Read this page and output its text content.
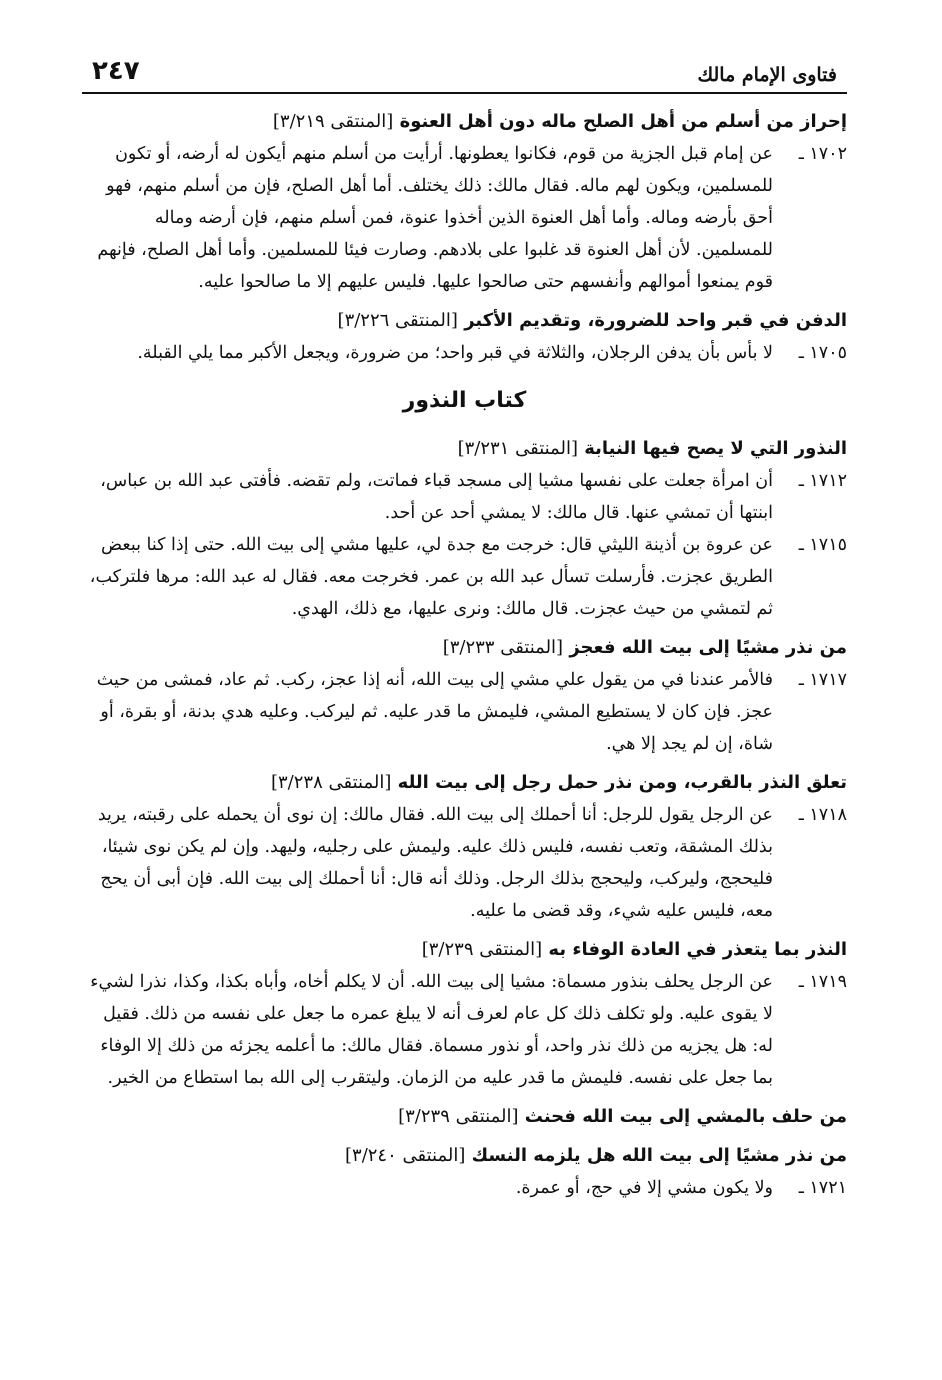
فتاوى الإمام مالك
٢٤٧
إحراز من أسلم من أهل الصلح ماله دون أهل العنوة [المنتقى ٣/٢١٩]
١٧٠٢ ـ
عن إمام قبل الجزية من قوم، فكانوا يعطونها. أرأيت من أسلم منهم أيكون له أرضه، أو تكون للمسلمين، ويكون لهم ماله. فقال مالك: ذلك يختلف. أما أهل الصلح، فإن من أسلم منهم، فهو أحق بأرضه وماله. وأما أهل العنوة الذين أخذوا عنوة، فمن أسلم منهم، فإن أرضه وماله للمسلمين. لأن أهل العنوة قد غلبوا على بلادهم. وصارت فيئا للمسلمين. وأما أهل الصلح، فإنهم قوم يمنعوا أموالهم وأنفسهم حتى صالحوا عليها. فليس عليهم إلا ما صالحوا عليه.
الدفن في قبر واحد للضرورة، وتقديم الأكبر [المنتقى ٣/٢٢٦]
١٧٠٥ ـ
لا بأس بأن يدفن الرجلان، والثلاثة في قبر واحد؛ من ضرورة، ويجعل الأكبر مما يلي القبلة.
كتاب النذور
النذور التي لا يصح فيها النيابة [المنتقى ٣/٢٣١]
١٧١٢ ـ
أن امرأة جعلت على نفسها مشيا إلى مسجد قباء فماتت، ولم تقضه. فأفتى عبد الله بن عباس، ابنتها أن تمشي عنها. قال مالك: لا يمشي أحد عن أحد.
١٧١٥ ـ
عن عروة بن أذينة الليثي قال: خرجت مع جدة لي، عليها مشي إلى بيت الله. حتى إذا كنا ببعض الطريق عجزت. فأرسلت تسأل عبد الله بن عمر. فخرجت معه. فقال له عبد الله: مرها فلتركب، ثم لتمشي من حيث عجزت. قال مالك: ونرى عليها، مع ذلك، الهدي.
من نذر مشيًا إلى بيت الله فعجز [المنتقى ٣/٢٣٣]
١٧١٧ ـ
فالأمر عندنا في من يقول علي مشي إلى بيت الله، أنه إذا عجز، ركب. ثم عاد، فمشى من حيث عجز. فإن كان لا يستطيع المشي، فليمش ما قدر عليه. ثم ليركب. وعليه هدي بدنة، أو بقرة، أو شاة، إن لم يجد إلا هي.
تعلق النذر بالقرب، ومن نذر حمل رجل إلى بيت الله [المنتقى ٣/٢٣٨]
١٧١٨ ـ
عن الرجل يقول للرجل: أنا أحملك إلى بيت الله. فقال مالك: إن نوى أن يحمله على رقبته، يريد بذلك المشقة، وتعب نفسه، فليس ذلك عليه. وليمش على رجليه، وليهد. وإن لم يكن نوى شيئا، فليحجج، وليركب، وليحجج بذلك الرجل. وذلك أنه قال: أنا أحملك إلى بيت الله. فإن أبى أن يحج معه، فليس عليه شيء، وقد قضى ما عليه.
النذر بما يتعذر في العادة الوفاء به [المنتقى ٣/٢٣٩]
١٧١٩ ـ
عن الرجل يحلف بنذور مسماة: مشيا إلى بيت الله. أن لا يكلم أخاه، وأباه بكذا، وكذا، نذرا لشيء لا يقوى عليه. ولو تكلف ذلك كل عام لعرف أنه لا يبلغ عمره ما جعل على نفسه من ذلك. فقيل له: هل يجزيه من ذلك نذر واحد، أو نذور مسماة. فقال مالك: ما أعلمه يجزئه من ذلك إلا الوفاء بما جعل على نفسه. فليمش ما قدر عليه من الزمان. وليتقرب إلى الله بما استطاع من الخير.
من حلف بالمشي إلى بيت الله فحنث [المنتقى ٣/٢٣٩]
من نذر مشيًا إلى بيت الله هل يلزمه النسك [المنتقى ٣/٢٤٠]
١٧٢١ ـ
ولا يكون مشي إلا في حج، أو عمرة.
